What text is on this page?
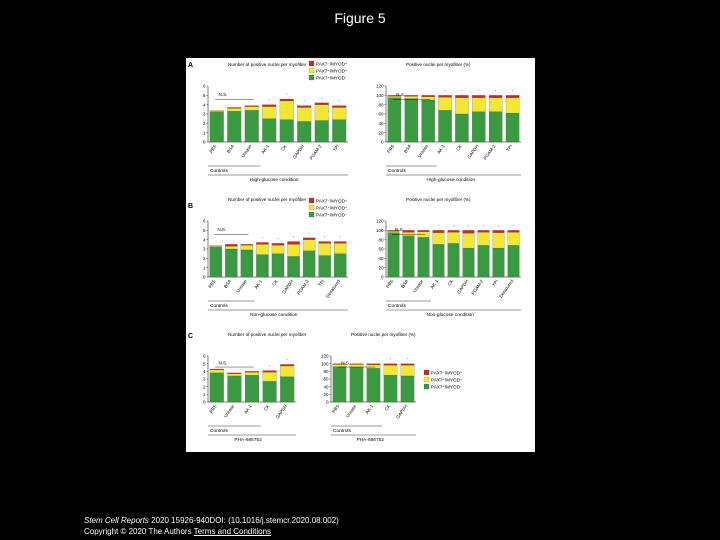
Figure 5
A
B
C
Number of positive nuclei per myofiber
0
1
2
3
4
5
6
PBS BSA Urease
*
AK-1
*
CK
*
GAPDH
*
PGAM-2
*
TPI
N.S.
Controls
High-glucose condition
Positive nuclei per myofiber (%)
0
20
40
60
80
100
120
PBS BSA Urease
*
AK-1
*
CK
*
GAPDH
*
PGAM-2
*
TPI
N.S.
Controls
High-glucose condition
Number of positive nuclei per myofiber
0
1
2
3
4
5
6
PBS BSA Urease
*
AK-1
*
CK
*
GAPDH
*
PGAM-2
*
TPI
*
Denatured
N.S.
Controls
Non-glucose condition
Positive nuclei per myofiber (%)
0
20
40
60
80
100
120
PBS BSA Urease
*
AK-1
*
CK
*
GAPDH
*
PGAM-2
*
TPI
*
Denatured
N.S.
Controls
Non-glucose condition
Number of positive nuclei per myofiber
0
1
2
3
4
5
6
PBS Urease AK-1
*
CK
*
GAPDH
N.S.
Controls
PHA-666752
Positive nuclei per myofiber (%)
0
20
40
60
80
100
120
PBS Urease AK-1
*
CK
*
GAPDH
N.S.
Controls
PHA-666752
PAX7⁻/MYOD⁺
PAX7⁺/MYOD⁺
PAX7⁺/MYOD⁻
PAX7⁻/MYOD⁺
PAX7⁺/MYOD⁺
PAX7⁺/MYOD⁻
PAX7⁻/MYOD⁺
PAX7⁺/MYOD⁺
PAX7⁺/MYOD⁻
Stem Cell Reports 2020 15926-940DOI: (10.1016/j.stemcr.2020.08.002)
Copyright © 2020 The Authors Terms and Conditions
